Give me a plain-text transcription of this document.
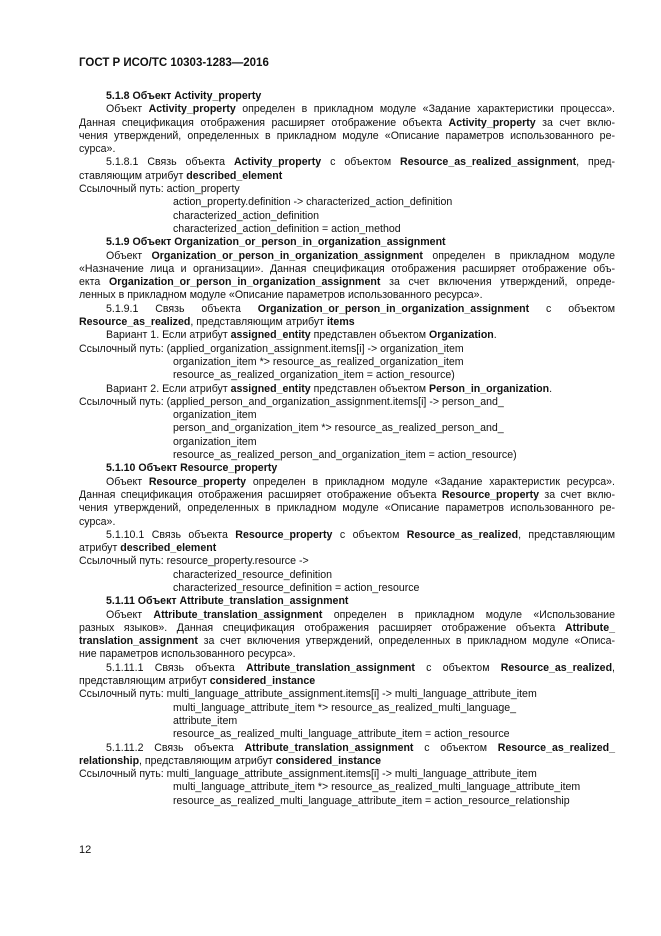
ГОСТ Р ИСО/ТС 10303-1283—2016
5.1.8 Объект Activity_property
Объект Activity_property определен в прикладном модуле «Задание характеристики процесса».
Данная спецификация отображения расширяет отображение объекта Activity_property за счет вклю-
чения утверждений, определенных в прикладном модуле «Описание параметров использованного ре-
сурса».
5.1.8.1 Связь объекта Activity_property с объектом Resource_as_realized_assignment, пред-
ставляющим атрибут described_element
Ссылочный путь: action_property
action_property.definition -> characterized_action_definition
characterized_action_definition
characterized_action_definition = action_method
5.1.9 Объект Organization_or_person_in_organization_assignment
Объект Organization_or_person_in_organization_assignment определен в прикладном модуле
«Назначение лица и организации». Данная спецификация отображения расширяет отображение объ-
екта Organization_or_person_in_organization_assignment за счет включения утверждений, опреде-
ленных в прикладном модуле «Описание параметров использованного ресурса».
5.1.9.1 Связь объекта Organization_or_person_in_organization_assignment с объектом
Resource_as_realized, представляющим атрибут items
Вариант 1. Если атрибут assigned_entity представлен объектом Organization.
Ссылочный путь: (applied_organization_assignment.items[i] -> organization_item
organization_item *> resource_as_realized_organization_item
resource_as_realized_organization_item = action_resource)
Вариант 2. Если атрибут assigned_entity представлен объектом Person_in_organization.
Ссылочный путь: (applied_person_and_organization_assignment.items[i] -> person_and_
organization_item
person_and_organization_item *> resource_as_realized_person_and_
organization_item
resource_as_realized_person_and_organization_item = action_resource)
5.1.10 Объект Resource_property
Объект Resource_property определен в прикладном модуле «Задание характеристик ресурса».
Данная спецификация отображения расширяет отображение объекта Resource_property за счет вклю-
чения утверждений, определенных в прикладном модуле «Описание параметров использованного ре-
сурса».
5.1.10.1 Связь объекта Resource_property с объектом Resource_as_realized, представляющим
атрибут described_element
Ссылочный путь: resource_property.resource ->
characterized_resource_definition
characterized_resource_definition = action_resource
5.1.11 Объект Attribute_translation_assignment
Объект Attribute_translation_assignment определен в прикладном модуле «Использование
разных языков». Данная спецификация отображения расширяет отображение объекта Attribute_
translation_assignment за счет включения утверждений, определенных в прикладном модуле «Описа-
ние параметров использованного ресурса».
5.1.11.1 Связь объекта Attribute_translation_assignment с объектом Resource_as_realized,
представляющим атрибут considered_instance
Ссылочный путь: multi_language_attribute_assignment.items[i] -> multi_language_attribute_item
multi_language_attribute_item *> resource_as_realized_multi_language_
attribute_item
resource_as_realized_multi_language_attribute_item = action_resource
5.1.11.2 Связь объекта Attribute_translation_assignment с объектом Resource_as_realized_
relationship, представляющим атрибут considered_instance
Ссылочный путь: multi_language_attribute_assignment.items[i] -> multi_language_attribute_item
multi_language_attribute_item *> resource_as_realized_multi_language_attribute_item
resource_as_realized_multi_language_attribute_item = action_resource_relationship
12
